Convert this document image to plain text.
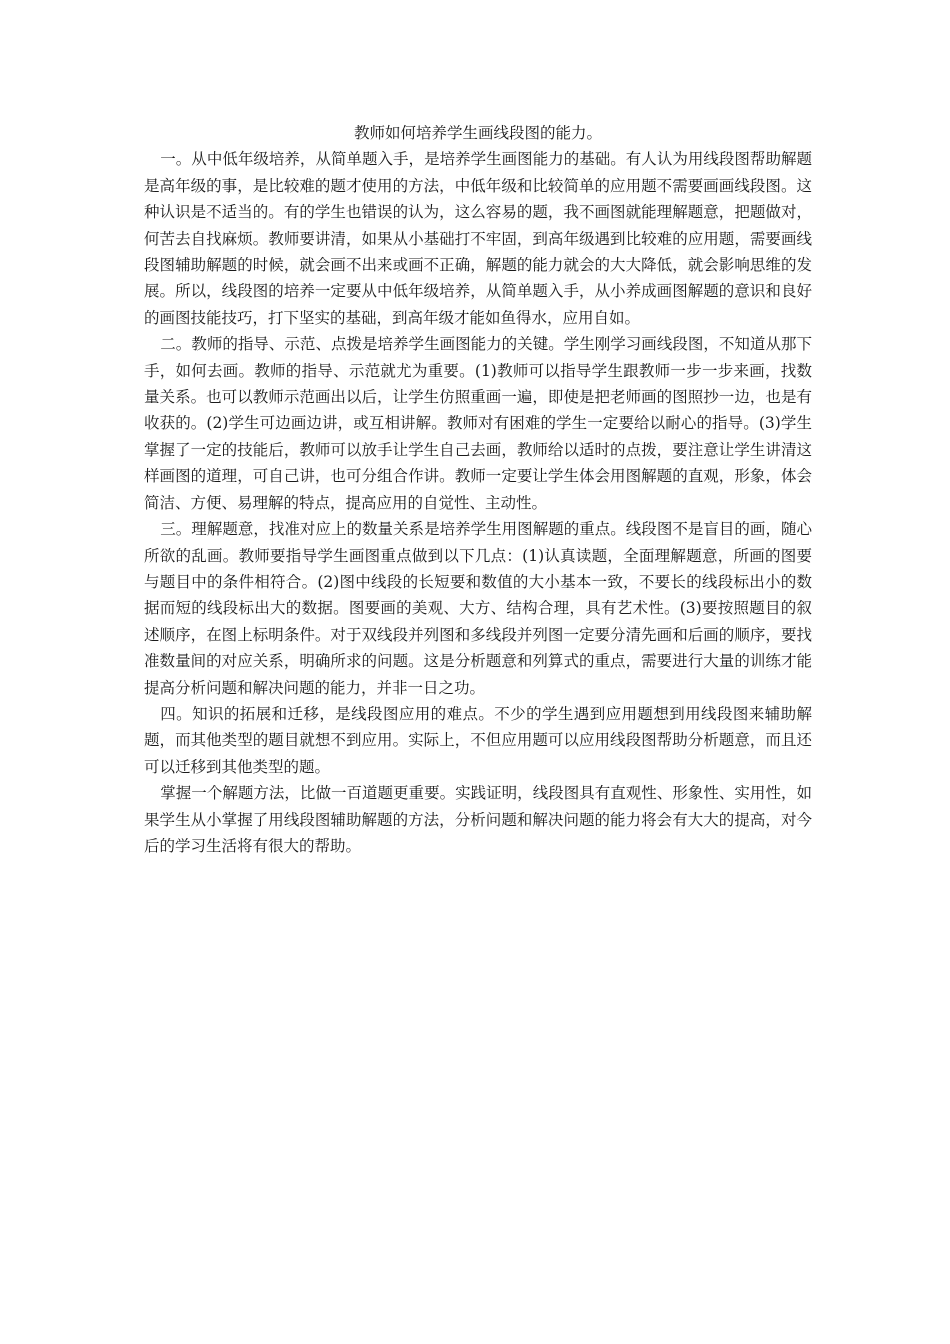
教师如何培养学生画线段图的能力。

一。从中低年级培养，从简单题入手，是培养学生画图能力的基础。有人认为用线段图帮助解题是高年级的事，是比较难的题才使用的方法，中低年级和比较简单的应用题不需要画画线段图。这种认识是不适当的。有的学生也错误的认为，这么容易的题，我不画图就能理解题意，把题做对，何苦去自找麻烦。教师要讲清，如果从小基础打不牢固，到高年级遇到比较难的应用题，需要画线段图辅助解题的时候，就会画不出来或画不正确，解题的能力就会的大大降低，就会影响思维的发展。所以，线段图的培养一定要从中低年级培养，从简单题入手，从小养成画图解题的意识和良好的画图技能技巧，打下坚实的基础，到高年级才能如鱼得水，应用自如。

二。教师的指导、示范、点拨是培养学生画图能力的关键。学生刚学习画线段图，不知道从那下手，如何去画。教师的指导、示范就尤为重要。(1)教师可以指导学生跟教师一步一步来画，找数量关系。也可以教师示范画出以后，让学生仿照重画一遍，即使是把老师画的图照抄一边，也是有收获的。(2)学生可边画边讲，或互相讲解。教师对有困难的学生一定要给以耐心的指导。(3)学生掌握了一定的技能后，教师可以放手让学生自己去画，教师给以适时的点拨，要注意让学生讲清这样画图的道理，可自己讲，也可分组合作讲。教师一定要让学生体会用图解题的直观，形象，体会简洁、方便、易理解的特点，提高应用的自觉性、主动性。

三。理解题意，找准对应上的数量关系是培养学生用图解题的重点。线段图不是盲目的画，随心所欲的乱画。教师要指导学生画图重点做到以下几点：(1)认真读题，全面理解题意，所画的图要与题目中的条件相符合。(2)图中线段的长短要和数值的大小基本一致，不要长的线段标出小的数据而短的线段标出大的数据。图要画的美观、大方、结构合理，具有艺术性。(3)要按照题目的叙述顺序，在图上标明条件。对于双线段并列图和多线段并列图一定要分清先画和后画的顺序，要找准数量间的对应关系，明确所求的问题。这是分析题意和列算式的重点，需要进行大量的训练才能提高分析问题和解决问题的能力，并非一日之功。

四。知识的拓展和迁移，是线段图应用的难点。不少的学生遇到应用题想到用线段图来辅助解题，而其他类型的题目就想不到应用。实际上，不但应用题可以应用线段图帮助分析题意，而且还可以迁移到其他类型的题。

掌握一个解题方法，比做一百道题更重要。实践证明，线段图具有直观性、形象性、实用性，如果学生从小掌握了用线段图辅助解题的方法，分析问题和解决问题的能力将会有大大的提高，对今后的学习生活将有很大的帮助。
